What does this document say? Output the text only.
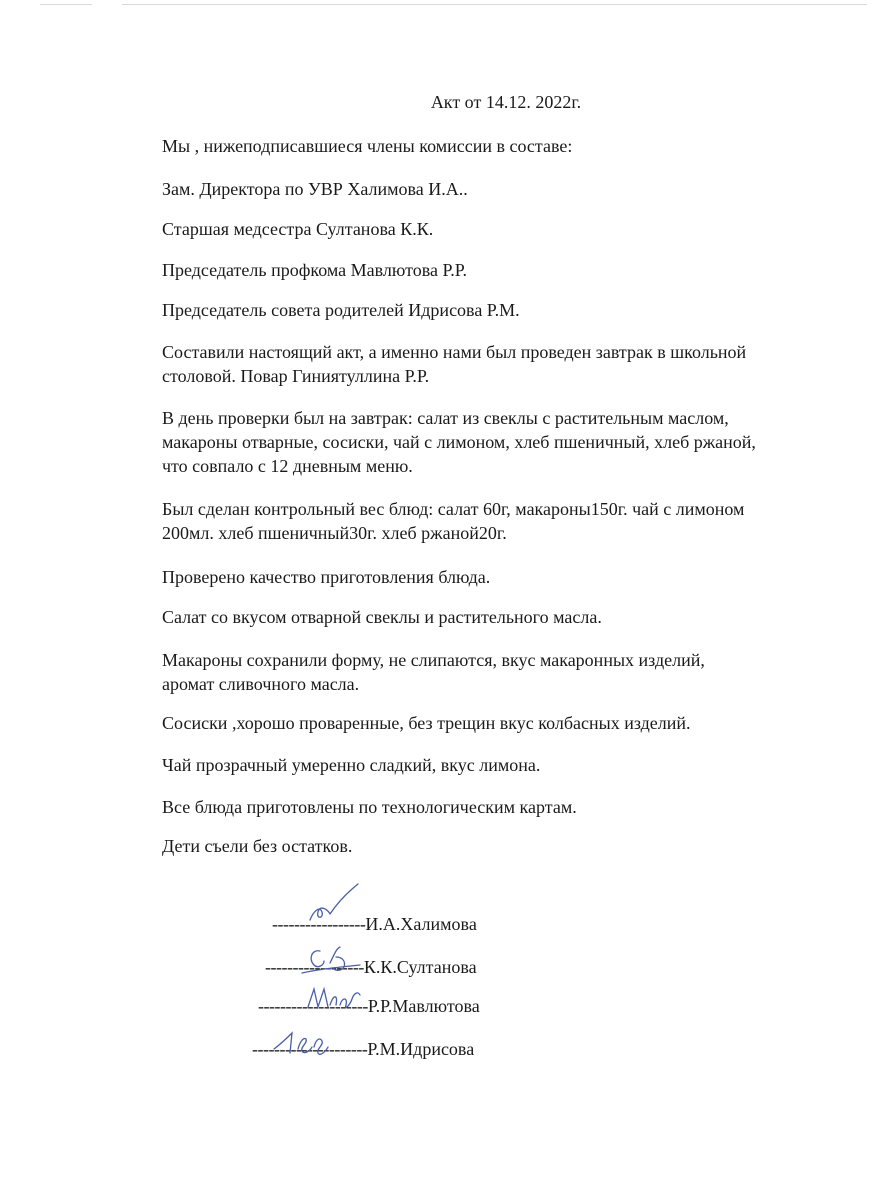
Акт от 14.12. 2022г.
Мы , нижеподписавшиеся члены комиссии в составе:
Зам. Директора по УВР Халимова И.А..
Старшая медсестра Султанова К.К.
Председатель профкома Мавлютова Р.Р.
Председатель совета родителей Идрисова Р.М.
Составили настоящий акт, а именно нами был проведен завтрак в школьной
столовой. Повар Гиниятуллина Р.Р.
В день проверки был на завтрак: салат из свеклы с растительным маслом,
макароны отварные, сосиски, чай с лимоном, хлеб пшеничный, хлеб ржаной,
что совпало с 12 дневным меню.
Был сделан контрольный вес блюд: салат 60г, макароны150г. чай с лимоном
200мл. хлеб пшеничный30г. хлеб ржаной20г.
Проверено качество приготовления блюда.
Салат со вкусом отварной свеклы и растительного масла.
Макароны сохранили форму, не слипаются, вкус макаронных изделий,
аромат сливочного масла.
Сосиски ,хорошо проваренные, без трещин вкус колбасных изделий.
Чай прозрачный умеренно сладкий, вкус лимона.
Все блюда приготовлены по технологическим картам.
Дети съели без остатков.
-----------------И.А.Халимова
------------------К.К.Султанова
--------------------Р.Р.Мавлютова
---------------------Р.М.Идрисова
